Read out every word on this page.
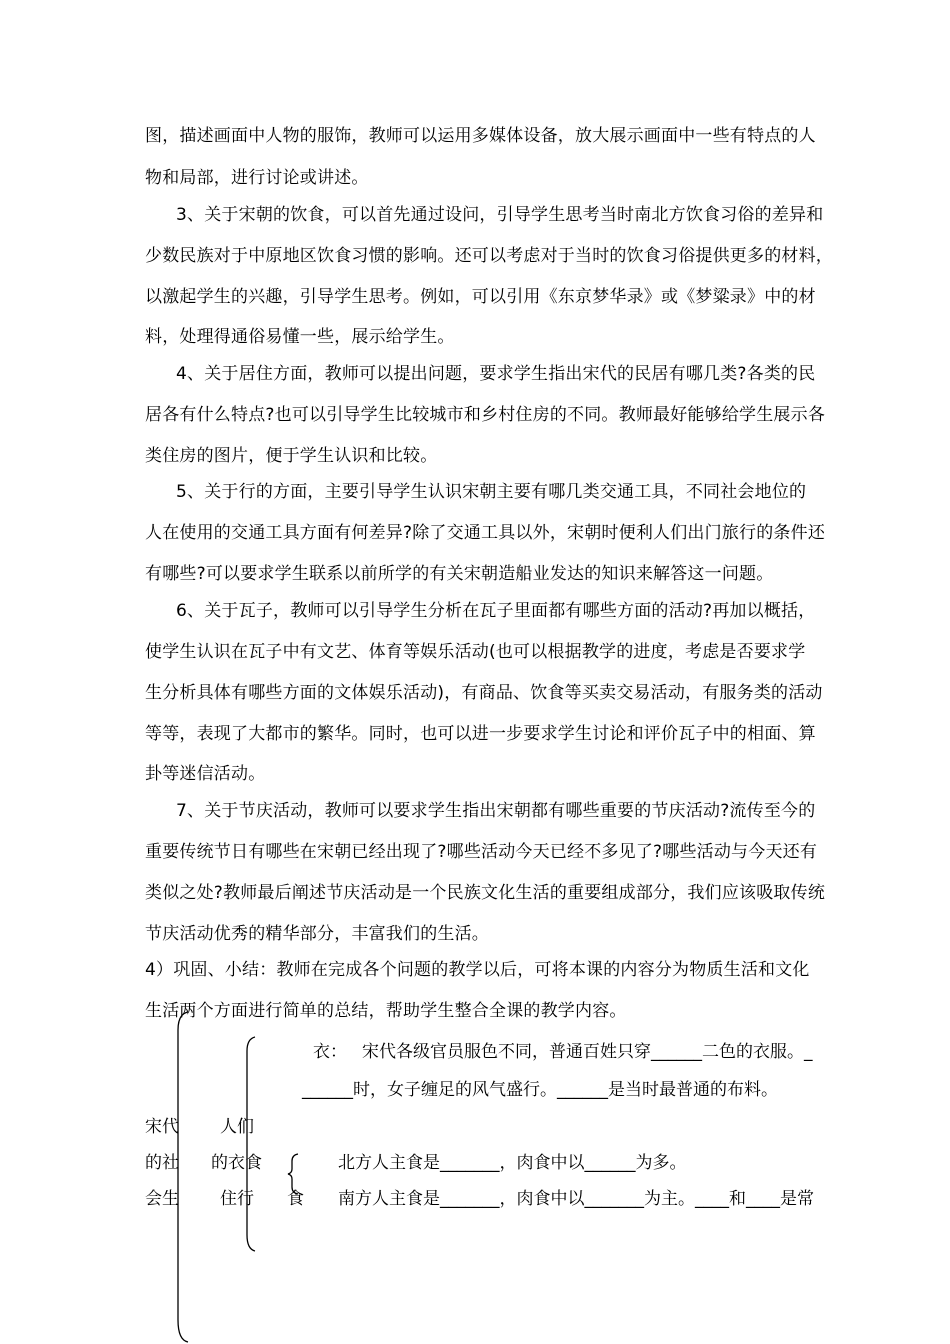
图，描述画面中人物的服饰，教师可以运用多媒体设备，放大展示画面中一些有特点的人
物和局部，进行讨论或讲述。
3、关于宋朝的饮食，可以首先通过设问，引导学生思考当时南北方饮食习俗的差异和
少数民族对于中原地区饮食习惯的影响。还可以考虑对于当时的饮食习俗提供更多的材料，
以激起学生的兴趣，引导学生思考。例如，可以引用《东京梦华录》或《梦粱录》中的材
料，处理得通俗易懂一些，展示给学生。
4、关于居住方面，教师可以提出问题，要求学生指出宋代的民居有哪几类?各类的民
居各有什么特点?也可以引导学生比较城市和乡村住房的不同。教师最好能够给学生展示各
类住房的图片，便于学生认识和比较。
5、关于行的方面，主要引导学生认识宋朝主要有哪几类交通工具，不同社会地位的
人在使用的交通工具方面有何差异?除了交通工具以外，宋朝时便利人们出门旅行的条件还
有哪些?可以要求学生联系以前所学的有关宋朝造船业发达的知识来解答这一问题。
6、关于瓦子，教师可以引导学生分析在瓦子里面都有哪些方面的活动?再加以概括，
使学生认识在瓦子中有文艺、体育等娱乐活动(也可以根据教学的进度，考虑是否要求学
生分析具体有哪些方面的文体娱乐活动)，有商品、饮食等买卖交易活动，有服务类的活动
等等，表现了大都市的繁华。同时，也可以进一步要求学生讨论和评价瓦子中的相面、算
卦等迷信活动。
7、关于节庆活动，教师可以要求学生指出宋朝都有哪些重要的节庆活动?流传至今的
重要传统节日有哪些在宋朝已经出现了?哪些活动今天已经不多见了?哪些活动与今天还有
类似之处?教师最后阐述节庆活动是一个民族文化生活的重要组成部分，我们应该吸取传统
节庆活动优秀的精华部分，丰富我们的生活。
4）巩固、小结：教师在完成各个问题的教学以后，可将本课的内容分为物质生活和文化
生活两个方面进行简单的总结，帮助学生整合全课的教学内容。
宋代
的社
会生
人们
的衣食
住行
衣： 宋代各级官员服色不同，普通百姓只穿______二色的衣服。_
______时，女子缠足的风气盛行。______是当时最普通的布料。
食
北方人主食是_______，肉食中以______为多。
南方人主食是_______，肉食中以_______为主。____和____是常
